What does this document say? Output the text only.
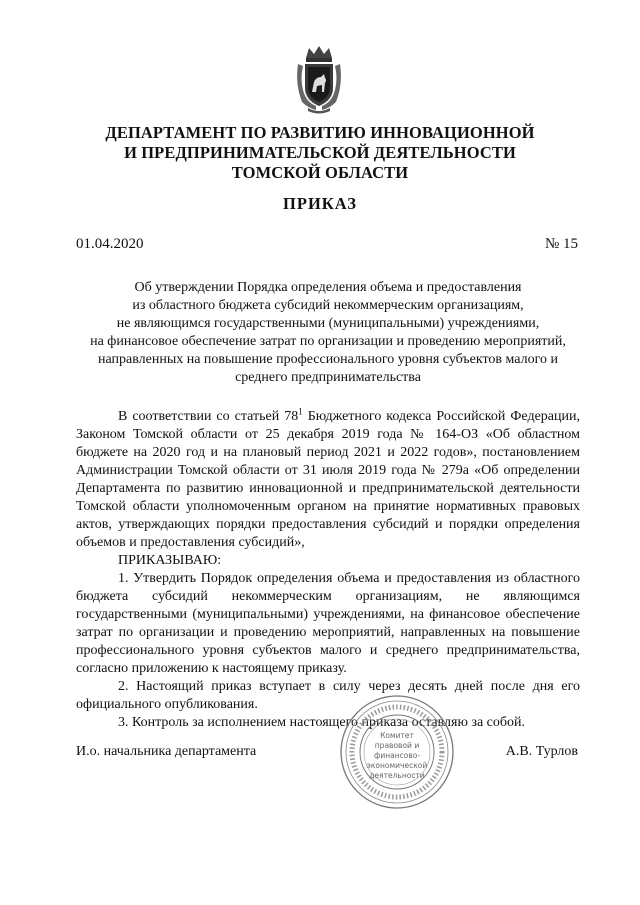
ДЕПАРТАМЕНТ ПО РАЗВИТИЮ ИННОВАЦИОННОЙ
И ПРЕДПРИНИМАТЕЛЬСКОЙ ДЕЯТЕЛЬНОСТИ
ТОМСКОЙ ОБЛАСТИ
ПРИКАЗ
01.04.2020	№ 15
Об утверждении Порядка определения объема и предоставления
из областного бюджета субсидий некоммерческим организациям,
не являющимся государственными (муниципальными) учреждениями,
на финансовое обеспечение затрат по организации и проведению мероприятий,
направленных на повышение профессионального уровня субъектов малого и
среднего предпринимательства

В соответствии со статьей $78^1$ Бюджетного кодекса Российской Федерации, Законом Томской области от 25 декабря 2019 года № 164-ОЗ «Об областном бюджете на 2020 год и на плановый период 2021 и 2022 годов», постановлением Администрации Томской области от 31 июля 2019 года № 279а «Об определении Департамента по развитию инновационной и предпринимательской деятельности Томской области уполномоченным органом на принятие нормативных правовых актов, утверждающих порядки предоставления субсидий и порядки определения объемов и предоставления субсидий»,

ПРИКАЗЫВАЮ:

1. Утвердить Порядок определения объема и предоставления из областного бюджета субсидий некоммерческим организациям, не являющимся государственными (муниципальными) учреждениями, на финансовое обеспечение затрат по организации и проведению мероприятий, направленных на повышение профессионального уровня субъектов малого и среднего предпринимательства, согласно приложению к настоящему приказу.

2. Настоящий приказ вступает в силу через десять дней после дня его официального опубликования.

3. Контроль за исполнением настоящего приказа оставляю за собой.

И.о. начальника департамента	А.В. Турлов
Комитет
правовой и
финансово-
экономической
деятельности
